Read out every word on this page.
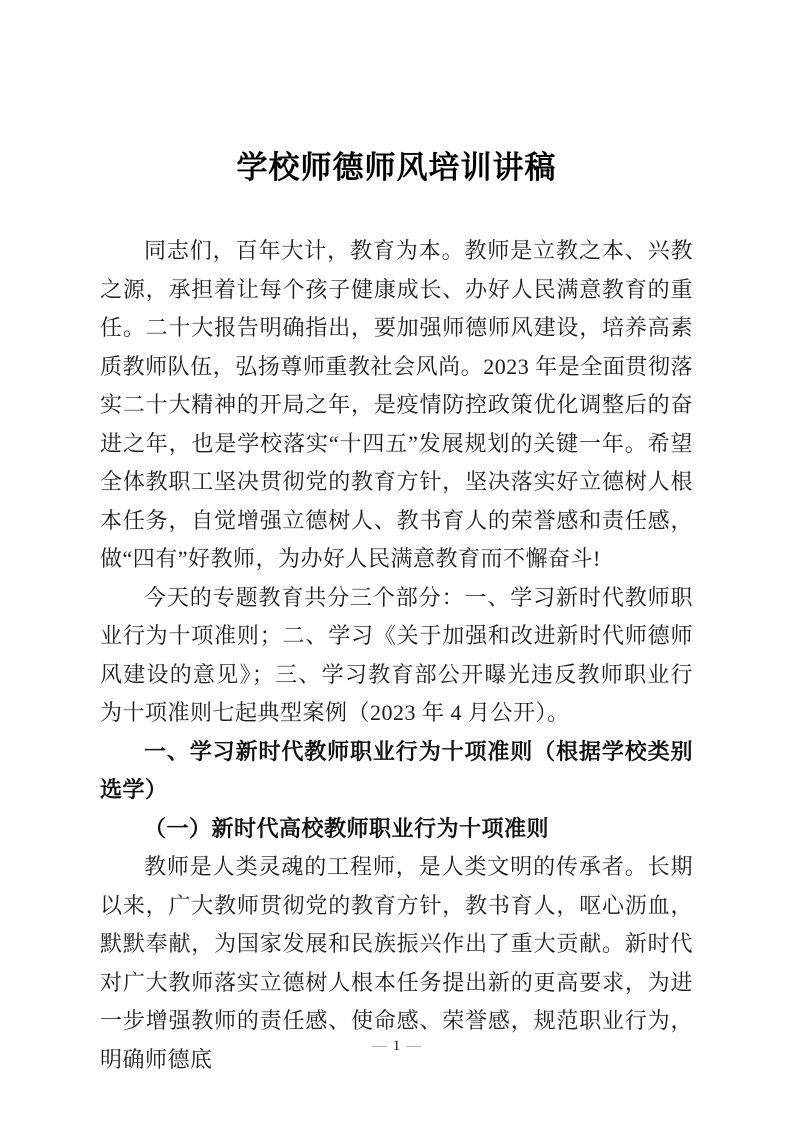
学校师德师风培训讲稿

同志们，百年大计，教育为本。教师是立教之本、兴教之源，承担着让每个孩子健康成长、办好人民满意教育的重任。二十大报告明确指出，要加强师德师风建设，培养高素质教师队伍，弘扬尊师重教社会风尚。2023 年是全面贯彻落实二十大精神的开局之年，是疫情防控政策优化调整后的奋进之年，也是学校落实“十四五”发展规划的关键一年。希望全体教职工坚决贯彻党的教育方针，坚决落实好立德树人根本任务，自觉增强立德树人、教书育人的荣誉感和责任感，做“四有”好教师，为办好人民满意教育而不懈奋斗!

今天的专题教育共分三个部分：一、学习新时代教师职业行为十项准则；二、学习《关于加强和改进新时代师德师风建设的意见》；三、学习教育部公开曝光违反教师职业行为十项准则七起典型案例（2023 年 4 月公开）。

一、学习新时代教师职业行为十项准则（根据学校类别选学）

（一）新时代高校教师职业行为十项准则

教师是人类灵魂的工程师，是人类文明的传承者。长期以来，广大教师贯彻党的教育方针，教书育人，呕心沥血，默默奉献，为国家发展和民族振兴作出了重大贡献。新时代对广大教师落实立德树人根本任务提出新的更高要求，为进一步增强教师的责任感、使命感、荣誉感，规范职业行为，明确师德底

— 1 —
